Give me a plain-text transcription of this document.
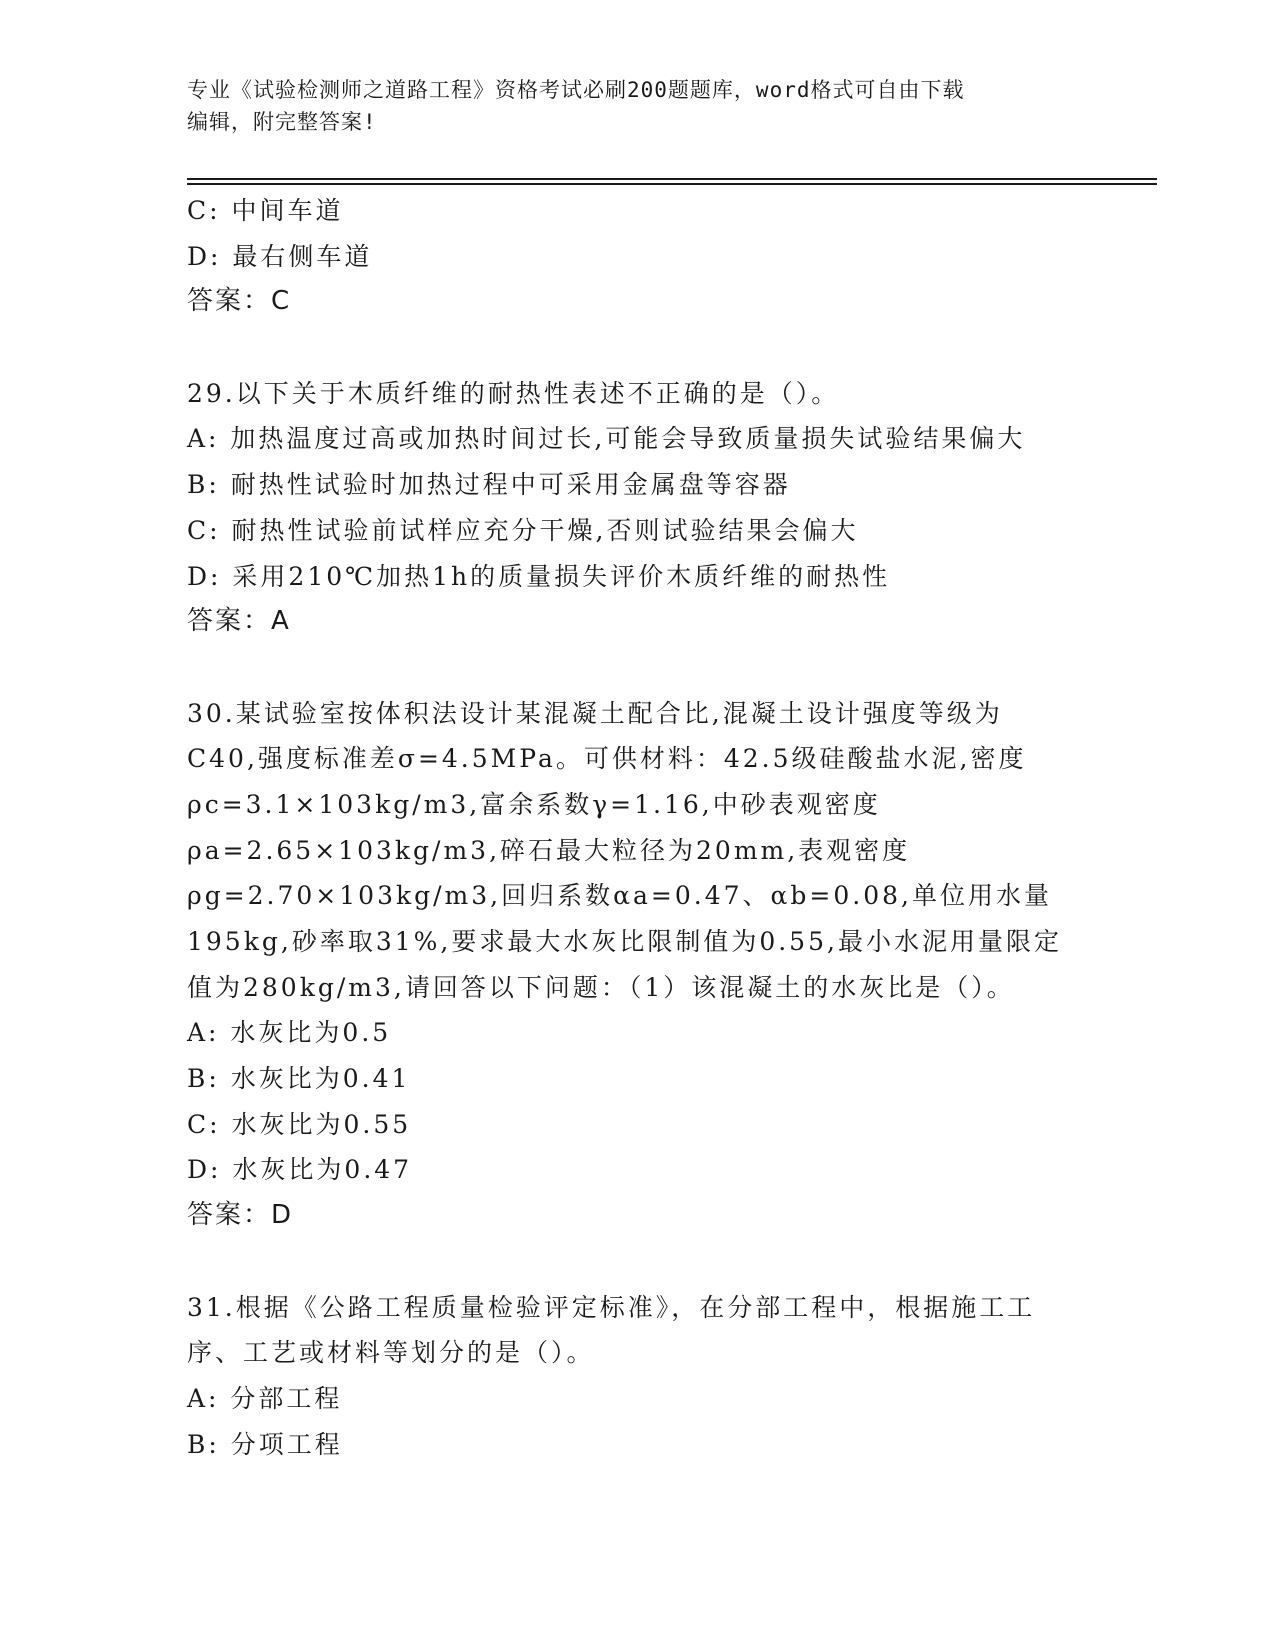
专业《试验检测师之道路工程》资格考试必刷200题题库，word格式可自由下载
编辑，附完整答案!
C: 中间车道
D: 最右侧车道
答案：C
29.以下关于木质纤维的耐热性表述不正确的是（）。
A: 加热温度过高或加热时间过长,可能会导致质量损失试验结果偏大
B: 耐热性试验时加热过程中可采用金属盘等容器
C: 耐热性试验前试样应充分干燥,否则试验结果会偏大
D: 采用210℃加热1h的质量损失评价木质纤维的耐热性
答案：A
30.某试验室按体积法设计某混凝土配合比,混凝土设计强度等级为
C40,强度标准差σ=4.5MPa。可供材料：42.5级硅酸盐水泥,密度
ρc=3.1×103kg/m3,富余系数γ=1.16,中砂表观密度
ρa=2.65×103kg/m3,碎石最大粒径为20mm,表观密度
ρg=2.70×103kg/m3,回归系数αa=0.47、αb=0.08,单位用水量
195kg,砂率取31%,要求最大水灰比限制值为0.55,最小水泥用量限定
值为280kg/m3,请回答以下问题：（1）该混凝土的水灰比是（）。
A: 水灰比为0.5
B: 水灰比为0.41
C: 水灰比为0.55
D: 水灰比为0.47
答案：D
31.根据《公路工程质量检验评定标准》，在分部工程中，根据施工工
序、工艺或材料等划分的是（）。
A: 分部工程
B: 分项工程
